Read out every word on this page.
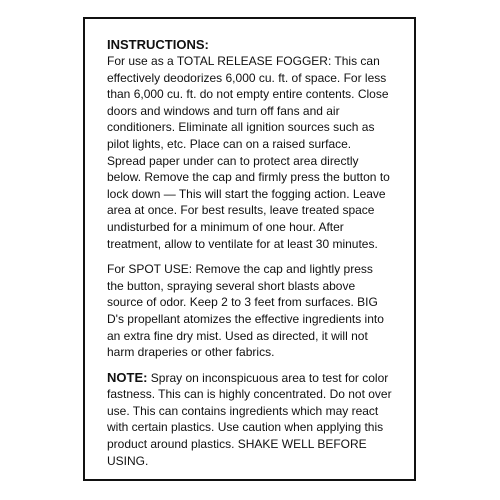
INSTRUCTIONS:

For use as a TOTAL RELEASE FOGGER: This can effectively deodorizes 6,000 cu. ft. of space. For less than 6,000 cu. ft. do not empty entire contents. Close doors and windows and turn off fans and air conditioners. Eliminate all ignition sources such as pilot lights, etc. Place can on a raised surface. Spread paper under can to protect area directly below. Remove the cap and firmly press the button to lock down — This will start the fogging action. Leave area at once. For best results, leave treated space undisturbed for a minimum of one hour. After treatment, allow to ventilate for at least 30 minutes.

For SPOT USE: Remove the cap and lightly press the button, spraying several short blasts above source of odor. Keep 2 to 3 feet from surfaces. BIG D's propellant atomizes the effective ingredients into an extra fine dry mist. Used as directed, it will not harm draperies or other fabrics.

NOTE: Spray on inconspicuous area to test for color fastness. This can is highly concentrated. Do not over use. This can contains ingredients which may react with certain plastics. Use caution when applying this product around plastics. SHAKE WELL BEFORE USING.
